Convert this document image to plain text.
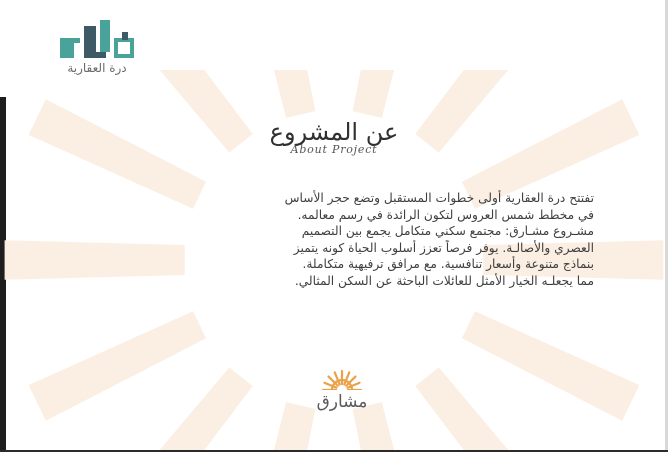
درة العقارية
عن المشروع
About Project
تفتتح درة العقارية أولى خطوات المستقبل وتضع حجر الأساس
في مخطط شمس العروس لتكون الرائدة في رسم معالمه.
مشـروع مشـارق: مجتمع سكني متكامل يجمع بين التصميم
العصري والأصالـة. يوفر فرصاً تعزز أسلوب الحياة كونه يتميز
بنماذج متنوعة وأسعار تنافسية. مع مرافق ترفيهية متكاملة.
مما يجعلـه الخيار الأمثل للعائلات الباحثة عن السكن المثالي.
مشارق
